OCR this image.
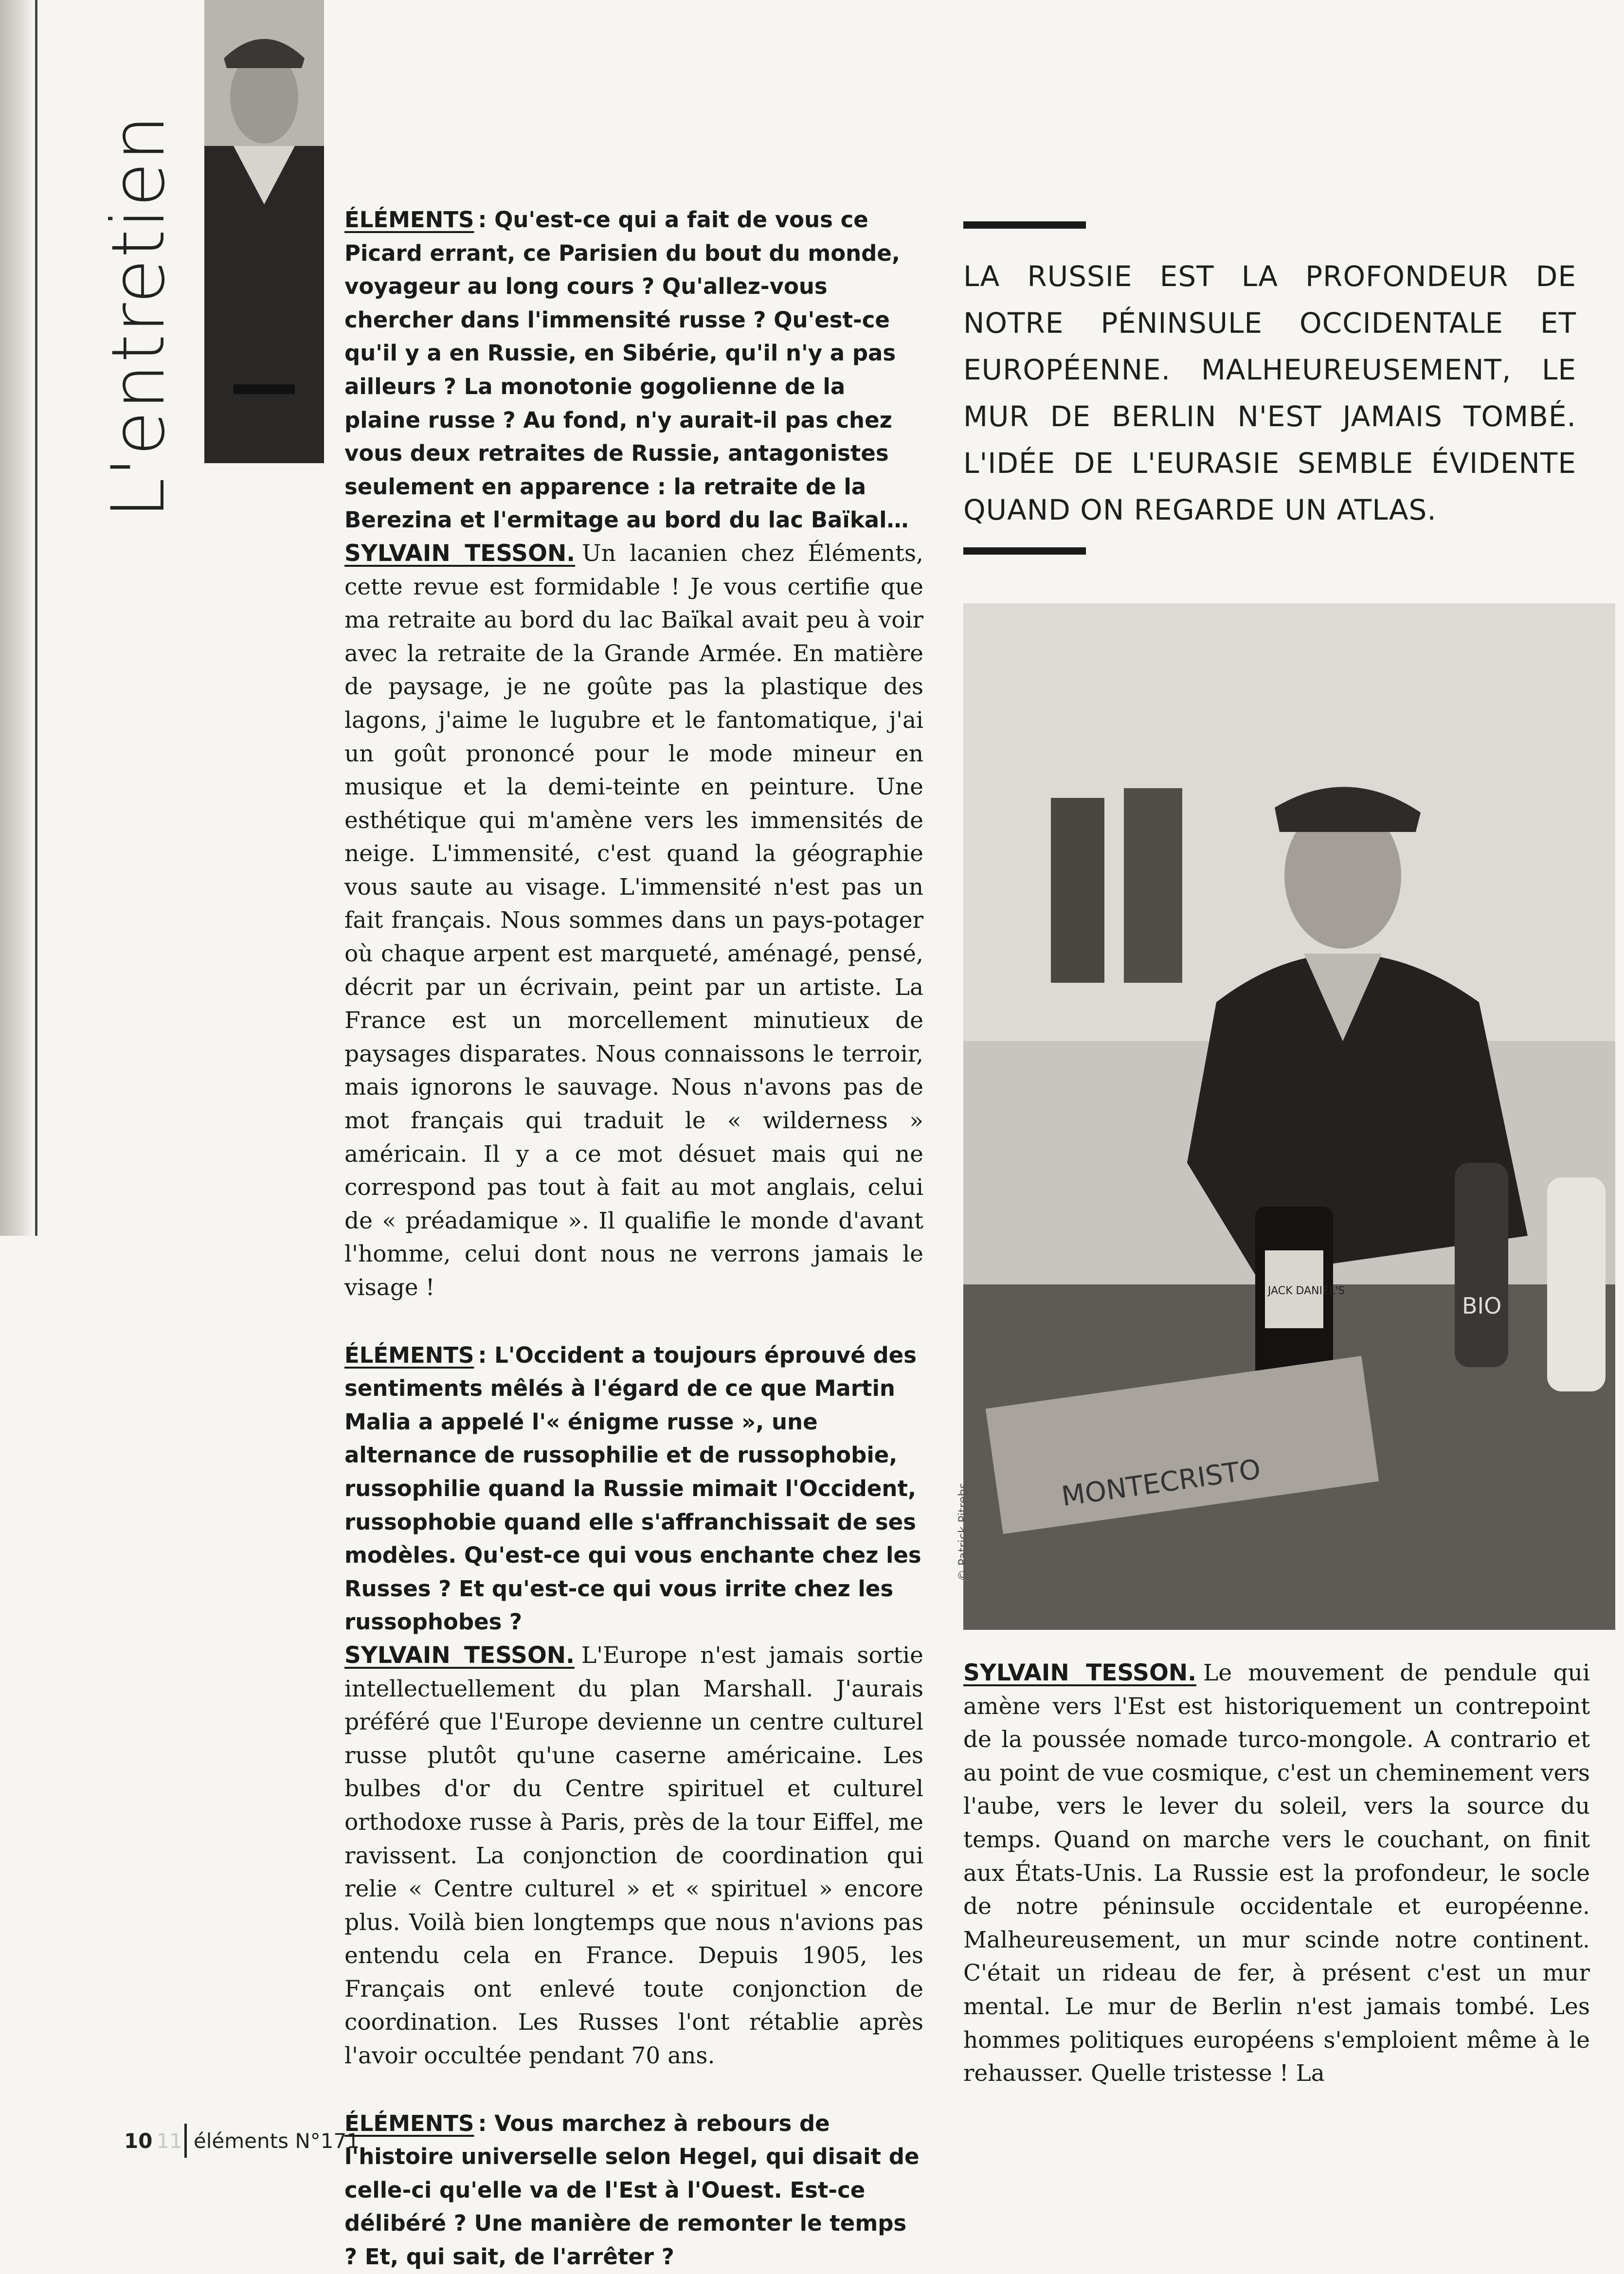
L'entretien	ÉLÉMENTS : Qu'est-ce qui a fait de vous ce Picard errant, ce Parisien du bout du monde, voyageur au long cours ? Qu'allez-vous chercher dans l'immensité russe ? Qu'est-ce qu'il y a en Russie, en Sibérie, qu'il n'y a pas ailleurs ? La monotonie gogolienne de la plaine russe ? Au fond, n'y aurait-il pas chez vous deux retraites de Russie, antagonistes seulement en apparence : la retraite de la Berezina et l'ermitage au bord du lac Baïkal…

SYLVAIN TESSON. Un lacanien chez Éléments, cette revue est formidable ! Je vous certifie que ma retraite au bord du lac Baïkal avait peu à voir avec la retraite de la Grande Armée. En matière de paysage, je ne goûte pas la plastique des lagons, j'aime le lugubre et le fantomatique, j'ai un goût prononcé pour le mode mineur en musique et la demi-teinte en peinture. Une esthétique qui m'amène vers les immensités de neige. L'immensité, c'est quand la géographie vous saute au visage. L'immensité n'est pas un fait français. Nous sommes dans un pays-potager où chaque arpent est marqueté, aménagé, pensé, décrit par un écrivain, peint par un artiste. La France est un morcellement minutieux de paysages disparates. Nous connaissons le terroir, mais ignorons le sauvage. Nous n'avons pas de mot français qui traduit le « wilderness » américain. Il y a ce mot désuet mais qui ne correspond pas tout à fait au mot anglais, celui de « préadamique ». Il qualifie le monde d'avant l'homme, celui dont nous ne verrons jamais le visage !

ÉLÉMENTS : L'Occident a toujours éprouvé des sentiments mêlés à l'égard de ce que Martin Malia a appelé l'« énigme russe », une alternance de russophilie et de russophobie, russophilie quand la Russie mimait l'Occident, russophobie quand elle s'affranchissait de ses modèles. Qu'est-ce qui vous enchante chez les Russes ? Et qu'est-ce qui vous irrite chez les russophobes ?

SYLVAIN TESSON. L'Europe n'est jamais sortie intellectuellement du plan Marshall. J'aurais préféré que l'Europe devienne un centre culturel russe plutôt qu'une caserne américaine. Les bulbes d'or du Centre spirituel et culturel orthodoxe russe à Paris, près de la tour Eiffel, me ravissent. La conjonction de coordination qui relie « Centre culturel » et « spirituel » encore plus. Voilà bien longtemps que nous n'avions pas entendu cela en France. Depuis 1905, les Français ont enlevé toute conjonction de coordination. Les Russes l'ont rétablie après l'avoir occultée pendant 70 ans.

ÉLÉMENTS : Vous marchez à rebours de l'histoire universelle selon Hegel, qui disait de celle-ci qu'elle va de l'Est à l'Ouest. Est-ce délibéré ? Une manière de remonter le temps ? Et, qui sait, de l'arrêter ?

LA RUSSIE EST LA PROFONDEUR DE NOTRE PÉNINSULE OCCIDENTALE ET EUROPÉENNE. MALHEUREUSEMENT, LE MUR DE BERLIN N'EST JAMAIS TOMBÉ. L'IDÉE DE L'EURASIE SEMBLE ÉVIDENTE QUAND ON REGARDE UN ATLAS.
MONTECRISTO
JACK DANIEL'S
BIO
© Patrick Pitrebs

SYLVAIN TESSON. Le mouvement de pendule qui amène vers l'Est est historiquement un contrepoint de la poussée nomade turco-mongole. A contrario et au point de vue cosmique, c'est un cheminement vers l'aube, vers le lever du soleil, vers la source du temps. Quand on marche vers le couchant, on finit aux États-Unis. La Russie est la profondeur, le socle de notre péninsule occidentale et européenne. Malheureusement, un mur scinde notre continent. C'était un rideau de fer, à présent c'est un mur mental. Le mur de Berlin n'est jamais tombé. Les hommes politiques européens s'emploient même à le rehausser. Quelle tristesse ! La

10 11 éléments N°171
